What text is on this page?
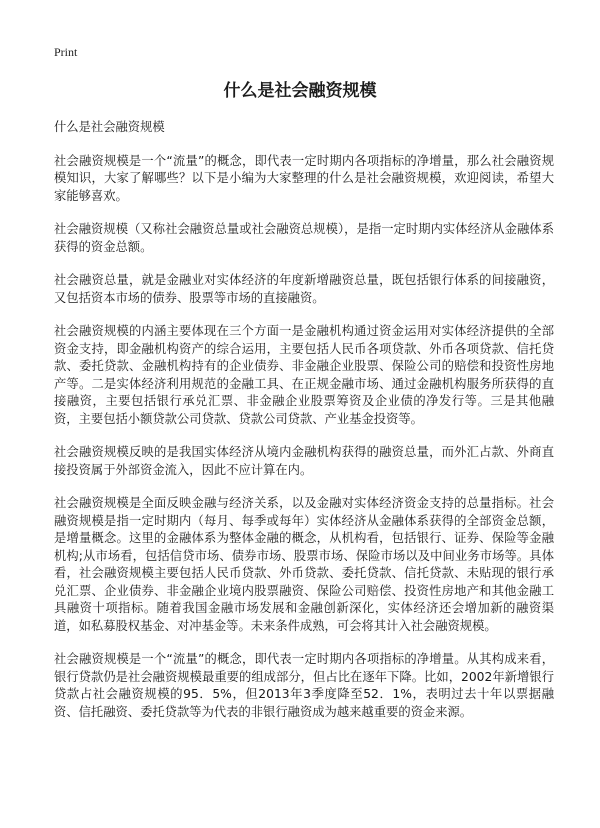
Print
什么是社会融资规模

什么是社会融资规模

社会融资规模是一个“流量”的概念，即代表一定时期内各项指标的净增量，那么社会融资规模知识，大家了解哪些？以下是小编为大家整理的什么是社会融资规模，欢迎阅读，希望大家能够喜欢。

社会融资规模（又称社会融资总量或社会融资总规模），是指一定时期内实体经济从金融体系获得的资金总额。

社会融资总量，就是金融业对实体经济的年度新增融资总量，既包括银行体系的间接融资，又包括资本市场的债券、股票等市场的直接融资。

社会融资规模的内涵主要体现在三个方面一是金融机构通过资金运用对实体经济提供的全部资金支持，即金融机构资产的综合运用，主要包括人民币各项贷款、外币各项贷款、信托贷款、委托贷款、金融机构持有的企业债券、非金融企业股票、保险公司的赔偿和投资性房地产等。二是实体经济利用规范的金融工具、在正规金融市场、通过金融机构服务所获得的直接融资，主要包括银行承兑汇票、非金融企业股票筹资及企业债的净发行等。三是其他融资，主要包括小额贷款公司贷款、贷款公司贷款、产业基金投资等。

社会融资规模反映的是我国实体经济从境内金融机构获得的融资总量，而外汇占款、外商直接投资属于外部资金流入，因此不应计算在内。

社会融资规模是全面反映金融与经济关系，以及金融对实体经济资金支持的总量指标。社会融资规模是指一定时期内（每月、每季或每年）实体经济从金融体系获得的全部资金总额，是增量概念。这里的金融体系为整体金融的概念，从机构看，包括银行、证券、保险等金融机构;从市场看，包括信贷市场、债券市场、股票市场、保险市场以及中间业务市场等。具体看，社会融资规模主要包括人民币贷款、外币贷款、委托贷款、信托贷款、未贴现的银行承兑汇票、企业债券、非金融企业境内股票融资、保险公司赔偿、投资性房地产和其他金融工具融资十项指标。随着我国金融市场发展和金融创新深化，实体经济还会增加新的融资渠道，如私募股权基金、对冲基金等。未来条件成熟，可会将其计入社会融资规模。

社会融资规模是一个“流量”的概念，即代表一定时期内各项指标的净增量。从其构成来看，银行贷款仍是社会融资规模最重要的组成部分，但占比在逐年下降。比如，2002年新增银行贷款占社会融资规模的95．5%，但2013年3季度降至52．1%，表明过去十年以票据融资、信托融资、委托贷款等为代表的非银行融资成为越来越重要的资金来源。
